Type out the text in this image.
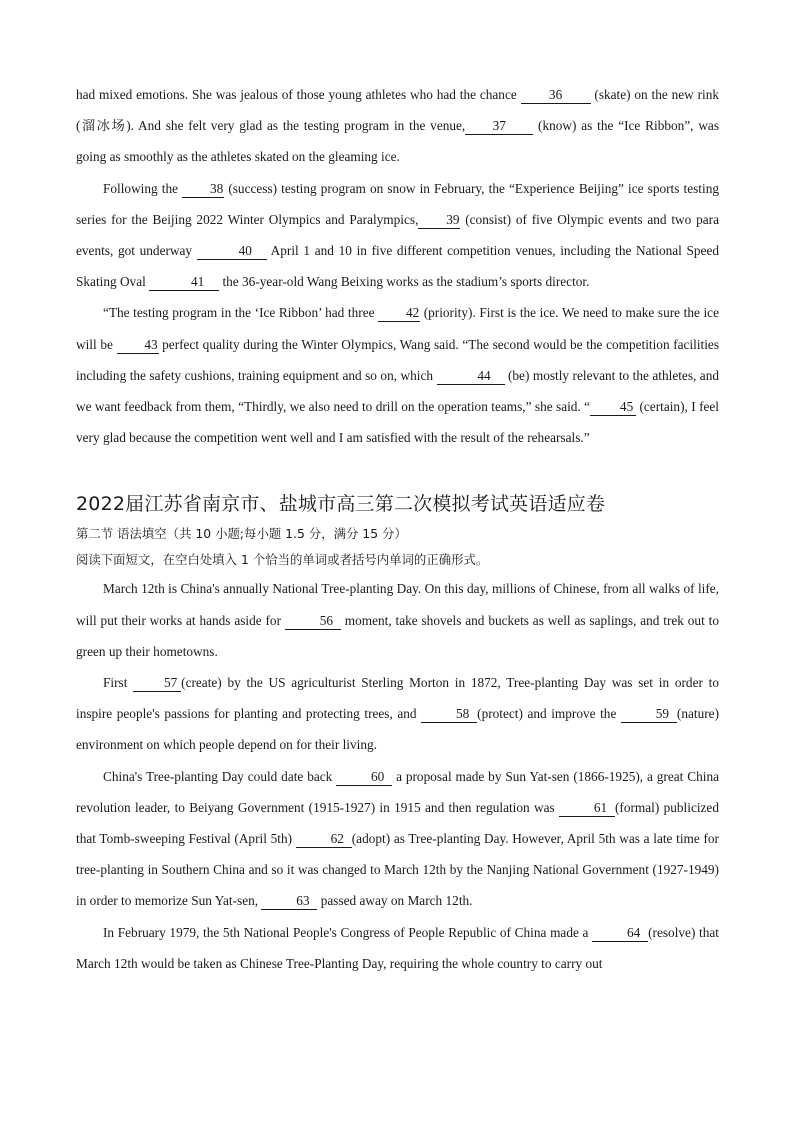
had mixed emotions. She was jealous of those young athletes who had the chance 36 (skate) on the new rink (溜冰场). And she felt very glad as the testing program in the venue, 37 (know) as the “Ice Ribbon”, was going as smoothly as the athletes skated on the gleaming ice.

Following the 38 (success) testing program on snow in February, the “Experience Beijing” ice sports testing series for the Beijing 2022 Winter Olympics and Paralympics, 39 (consist) of five Olympic events and two para events, got underway	40 April 1 and 10 in five different competition venues, including the National Speed Skating Oval	41 the 36-year-old Wang Beixing works as the stadium’s sports director.

“The testing program in the ‘Ice Ribbon’ had three 42 (priority). First is the ice. We need to make sure the ice will be 43 perfect quality during the Winter Olympics, Wang said. “The second would be the competition facilities including the safety cushions, training equipment and so on, which	44 (be) mostly relevant to the athletes, and we want feedback from them, “Thirdly, we also need to drill on the operation teams,” she said. “ 45 (certain), I feel very glad because the competition went well and I am satisfied with the result of the rehearsals.”

2022届江苏省南京市、盐城市高三第二次模拟考试英语适应卷
第二节 语法填空（共 10 小题;每小题 1.5 分，满分 15 分）
阅读下面短文，在空白处填入 1 个恰当的单词或者括号内单词的正确形式。

March 12th is China's annually National Tree-planting Day. On this day, millions of Chinese, from all walks of life, will put their works at hands aside for	56 moment, take shovels and buckets as well as saplings, and trek out to green up their hometowns.

First 57 (create) by the US agriculturist Sterling Morton in 1872, Tree-planting Day was set in order to inspire people's passions for planting and protecting trees, and	58 (protect) and improve the	59 (nature) environment on which people depend on for their living.

China's Tree-planting Day could date back	60 a proposal made by Sun Yat-sen (1866-1925), a great China revolution leader, to Beiyang Government (1915-1927) in 1915 and then regulation was	61 (formal) publicized that Tomb-sweeping Festival (April 5th)	62 (adopt) as Tree-planting Day. However, April 5th was a late time for tree-planting in Southern China and so it was changed to March 12th by the Nanjing National Government (1927-1949) in order to memorize Sun Yat-sen,	63 passed away on March 12th.

In February 1979, the 5th National People's Congress of People Republic of China made a	64 (resolve) that March 12th would be taken as Chinese Tree-Planting Day, requiring the whole country to carry out
